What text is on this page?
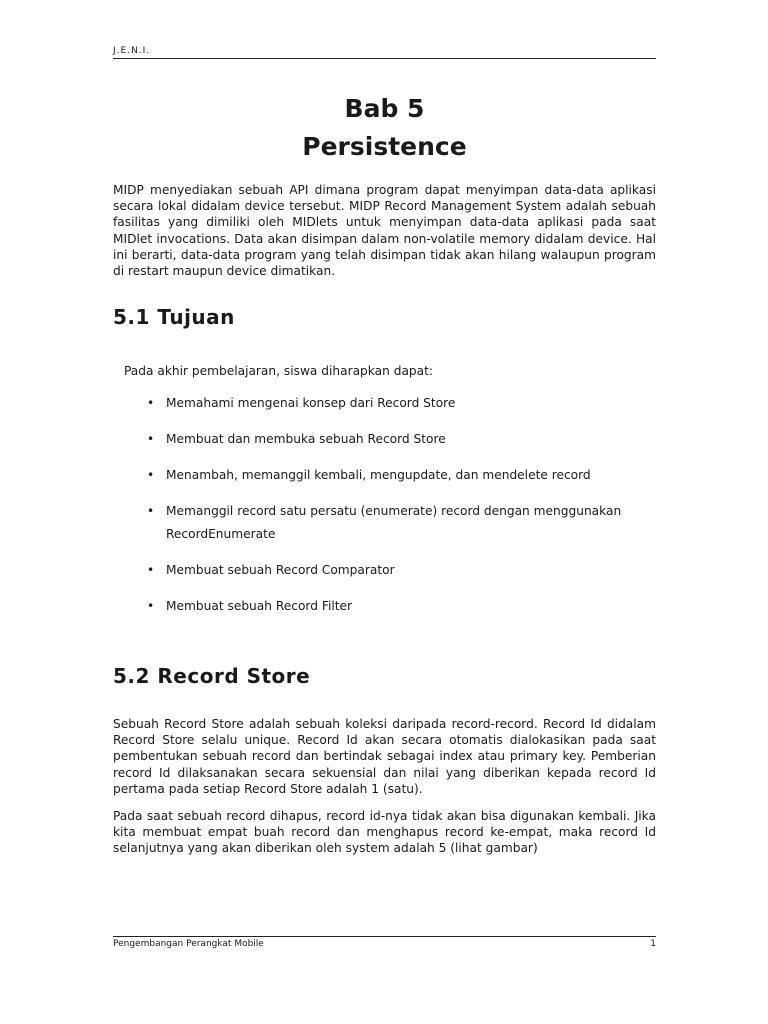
J.E.N.I.
Bab 5
Persistence

MIDP menyediakan sebuah API dimana program dapat menyimpan data-data aplikasi secara lokal didalam device tersebut. MIDP Record Management System adalah sebuah fasilitas yang dimiliki oleh MIDlets untuk menyimpan data-data aplikasi pada saat MIDlet invocations. Data akan disimpan dalam non-volatile memory didalam device. Hal ini berarti, data-data program yang telah disimpan tidak akan hilang walaupun program di restart maupun device dimatikan.

5.1 Tujuan

Pada akhir pembelajaran, siswa diharapkan dapat:

• Memahami mengenai konsep dari Record Store
• Membuat dan membuka sebuah Record Store
• Menambah, memanggil kembali, mengupdate, dan mendelete record
• Memanggil record satu persatu (enumerate) record dengan menggunakan RecordEnumerate
• Membuat sebuah Record Comparator
• Membuat sebuah Record Filter
5.2 Record Store

Sebuah Record Store adalah sebuah koleksi daripada record-record. Record Id didalam Record Store selalu unique. Record Id akan secara otomatis dialokasikan pada saat pembentukan sebuah record dan bertindak sebagai index atau primary key. Pemberian record Id dilaksanakan secara sekuensial dan nilai yang diberikan kepada record Id pertama pada setiap Record Store adalah 1 (satu).

Pada saat sebuah record dihapus, record id-nya tidak akan bisa digunakan kembali. Jika kita membuat empat buah record dan menghapus record ke-empat, maka record Id selanjutnya yang akan diberikan oleh system adalah 5 (lihat gambar)

Pengembangan Perangkat Mobile	1
